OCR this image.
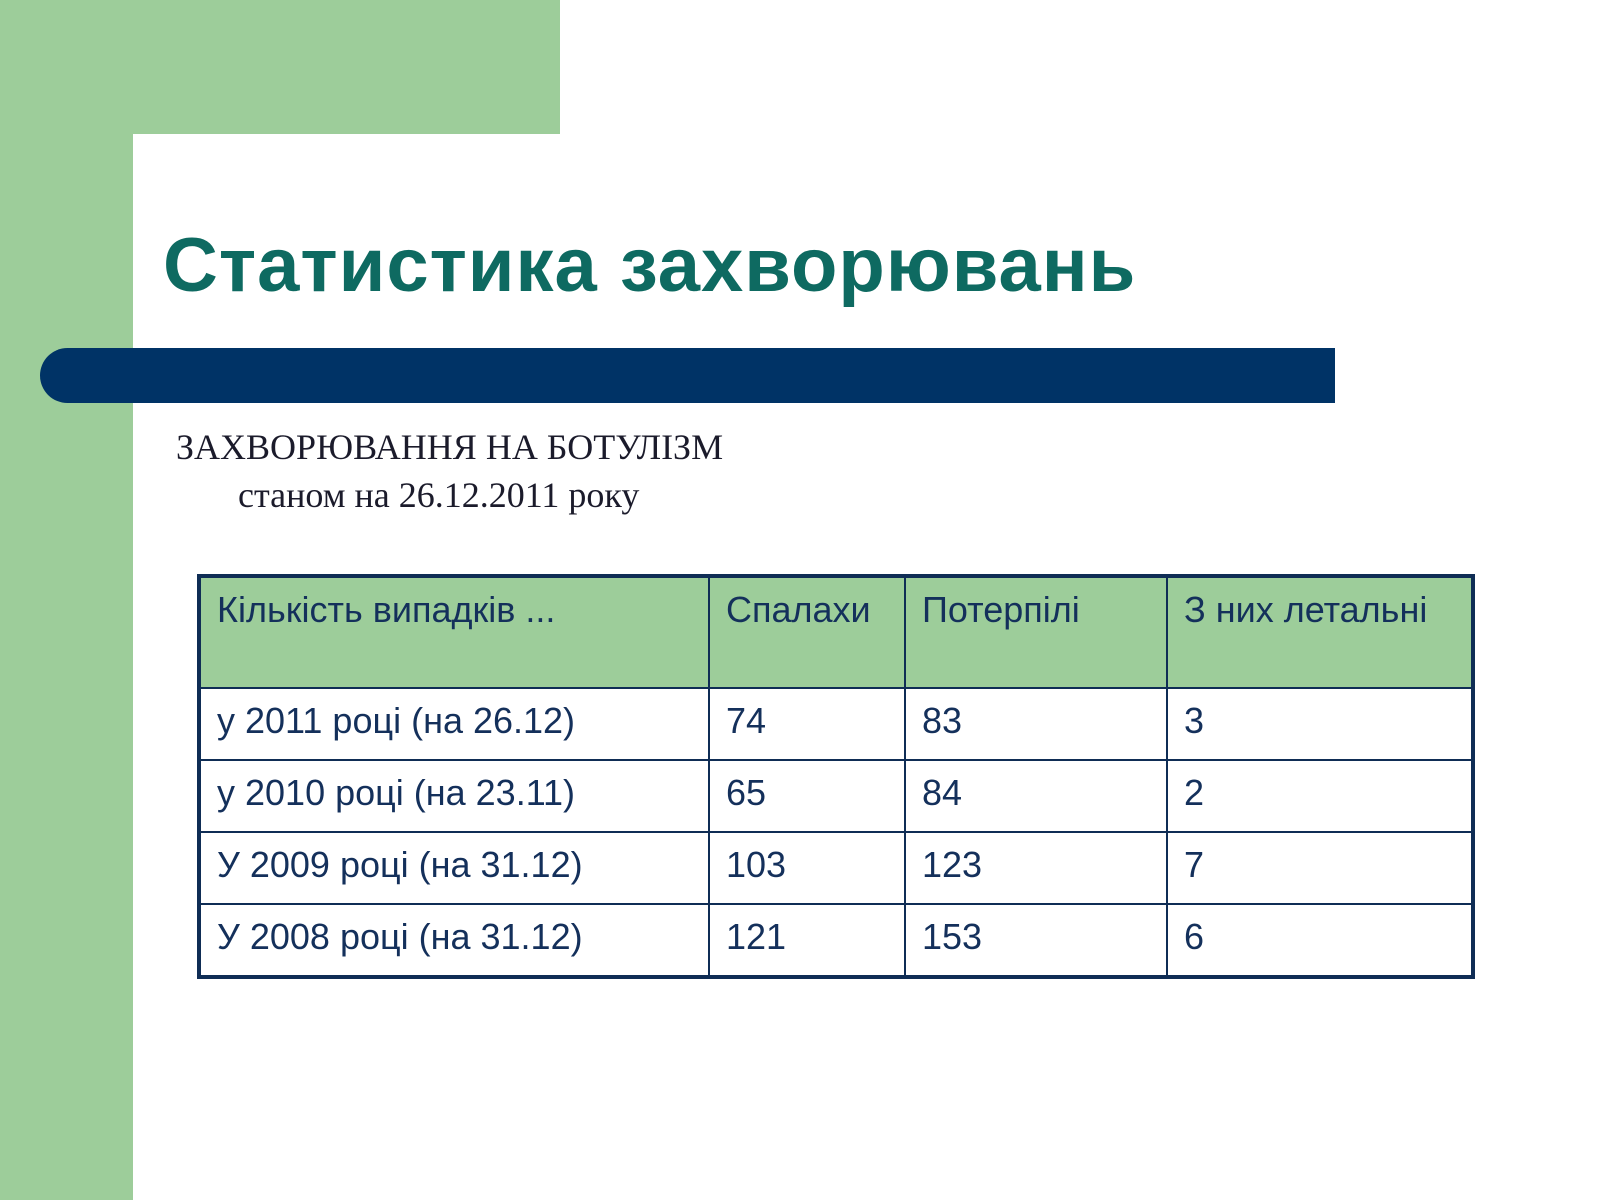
Статистика захворювань

ЗАХВОРЮВАННЯ НА БОТУЛІЗМ

станом на 26.12.2011 року

Кількість випадків ...	Спалахи	Потерпілі	З них летальні
у 2011 році (на 26.12)	74	83	3
у 2010 році (на 23.11)	65	84	2
У 2009 році (на 31.12)	103	123	7
У 2008 році (на 31.12)	121	153	6
